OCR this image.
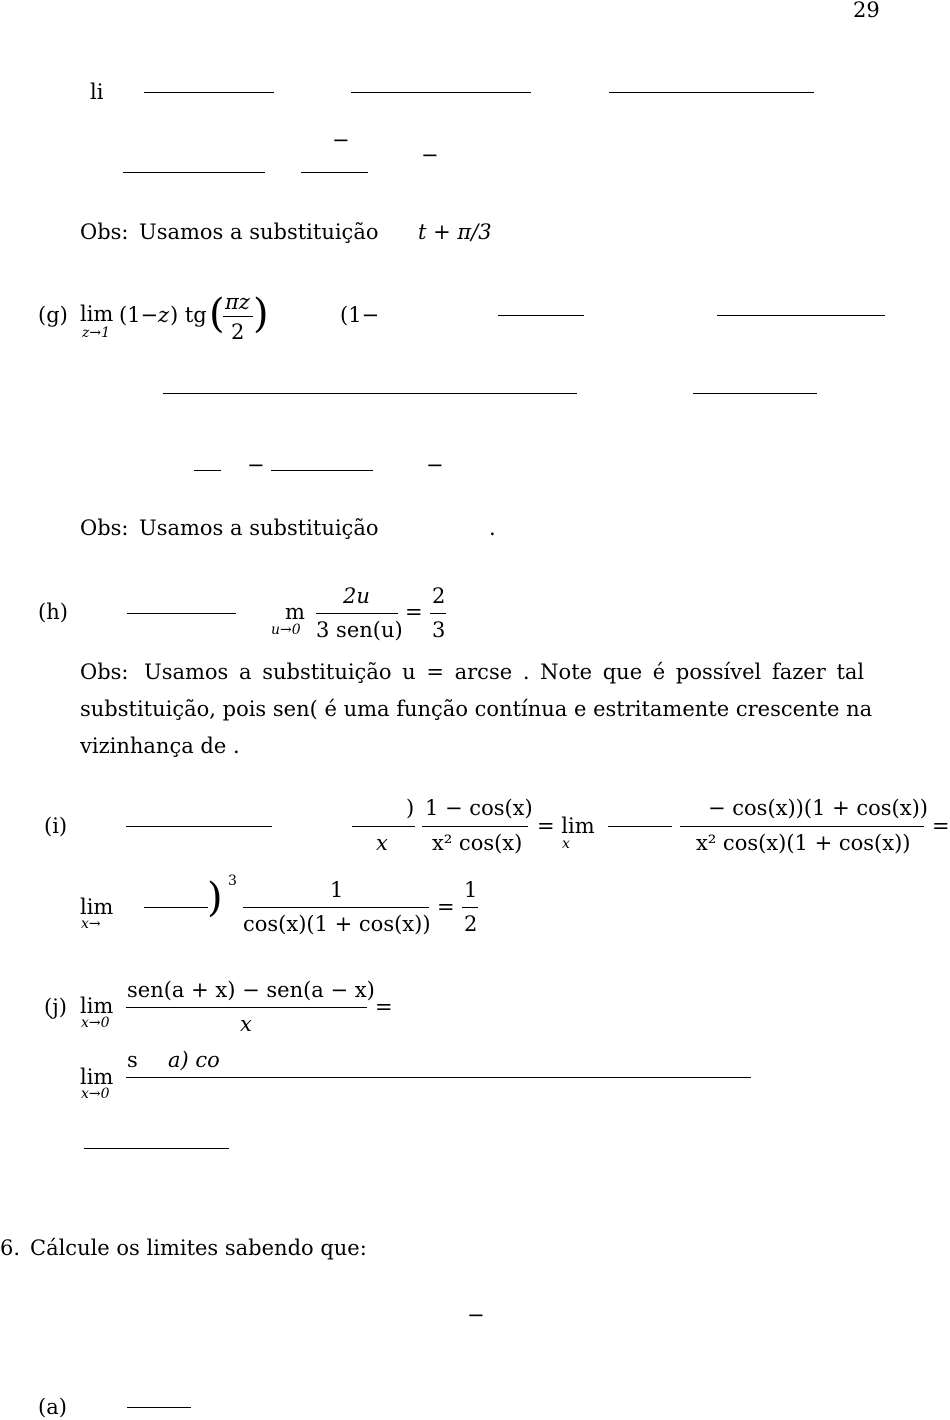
29
li
−
−
Obs: Usamos a substituição t + π/3
(g) lim
z→1
(1− z ) tg ( πz
2 )	(1−
−	−
Obs: Usamos a substituição	.
(h)	m
u→0
2u
3 sen(u)
=
2
3
Obs: Usamos a substituição u = arcse . Note que é possível fazer tal
substituição, pois sen( é uma função contínua e estritamente crescente na
vizinhança de .
(i)
)
x
1 − cos(x)
x² cos(x)
= lim
x
− cos(x))(1 + cos(x))
x² cos(x)(1 + cos(x))
=
lim
x→
) 3	1
cos(x)(1 + cos(x))
=
1
2
(j) lim
x→0
sen(a + x) − sen(a − x)
x
=
lim
x→0
s a) co
6. Cálcule os limites sabendo que:
−
(a)
